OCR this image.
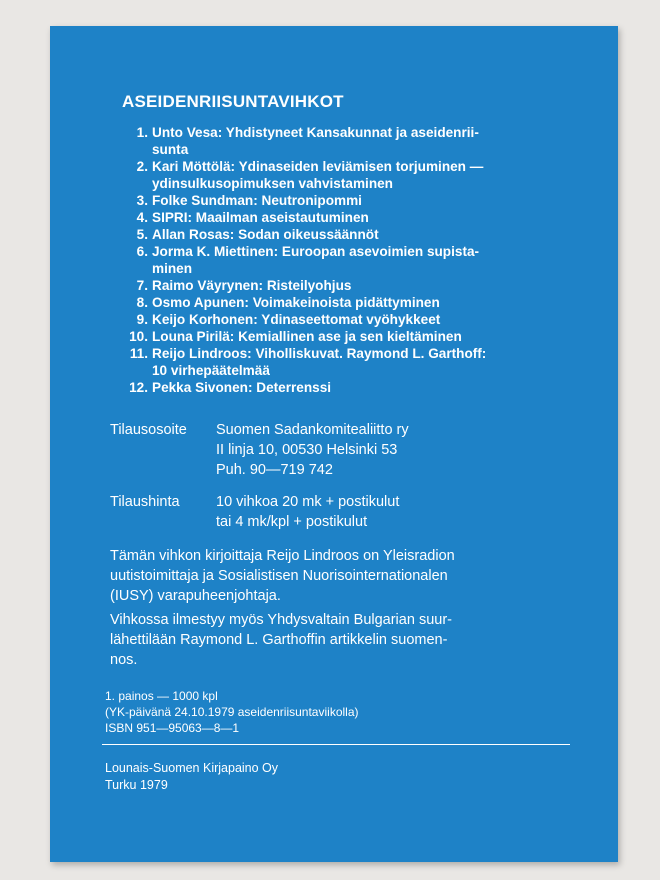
ASEIDENRIISUNTAVIHKOT
1. Unto Vesa: Yhdistyneet Kansakunnat ja aseidenrii-
sunta
2. Kari Möttölä: Ydinaseiden leviämisen torjuminen —
ydinsulkusopimuksen vahvistaminen
3. Folke Sundman: Neutronipommi
4. SIPRI: Maailman aseistautuminen
5. Allan Rosas: Sodan oikeussäännöt
6. Jorma K. Miettinen: Euroopan asevoimien supista-
minen
7. Raimo Väyrynen: Risteilyohjus
8. Osmo Apunen: Voimakeinoista pidättyminen
9. Keijo Korhonen: Ydinaseettomat vyöhykkeet
10. Louna Pirilä: Kemiallinen ase ja sen kieltäminen
11. Reijo Lindroos: Viholliskuvat. Raymond L. Garthoff:
10 virhepäätelmää
12. Pekka Sivonen: Deterrenssi
Tilausosoite Suomen Sadankomitealiitto ry
II linja 10, 00530 Helsinki 53
Puh. 90—719 742
Tilaushinta	10 vihkoa 20 mk + postikulut
tai 4 mk/kpl + postikulut
Tämän vihkon kirjoittaja Reijo Lindroos on Yleisradion
uutistoimittaja ja Sosialistisen Nuorisointernationalen
(IUSY) varapuheenjohtaja.
Vihkossa ilmestyy myös Yhdysvaltain Bulgarian suur-
lähettilään Raymond L. Garthoffin artikkelin suomen-
nos.
1. painos — 1000 kpl
(YK-päivänä 24.10.1979 aseidenriisuntaviikolla)
ISBN 951—95063—8—1
Lounais-Suomen Kirjapaino Oy
Turku 1979
